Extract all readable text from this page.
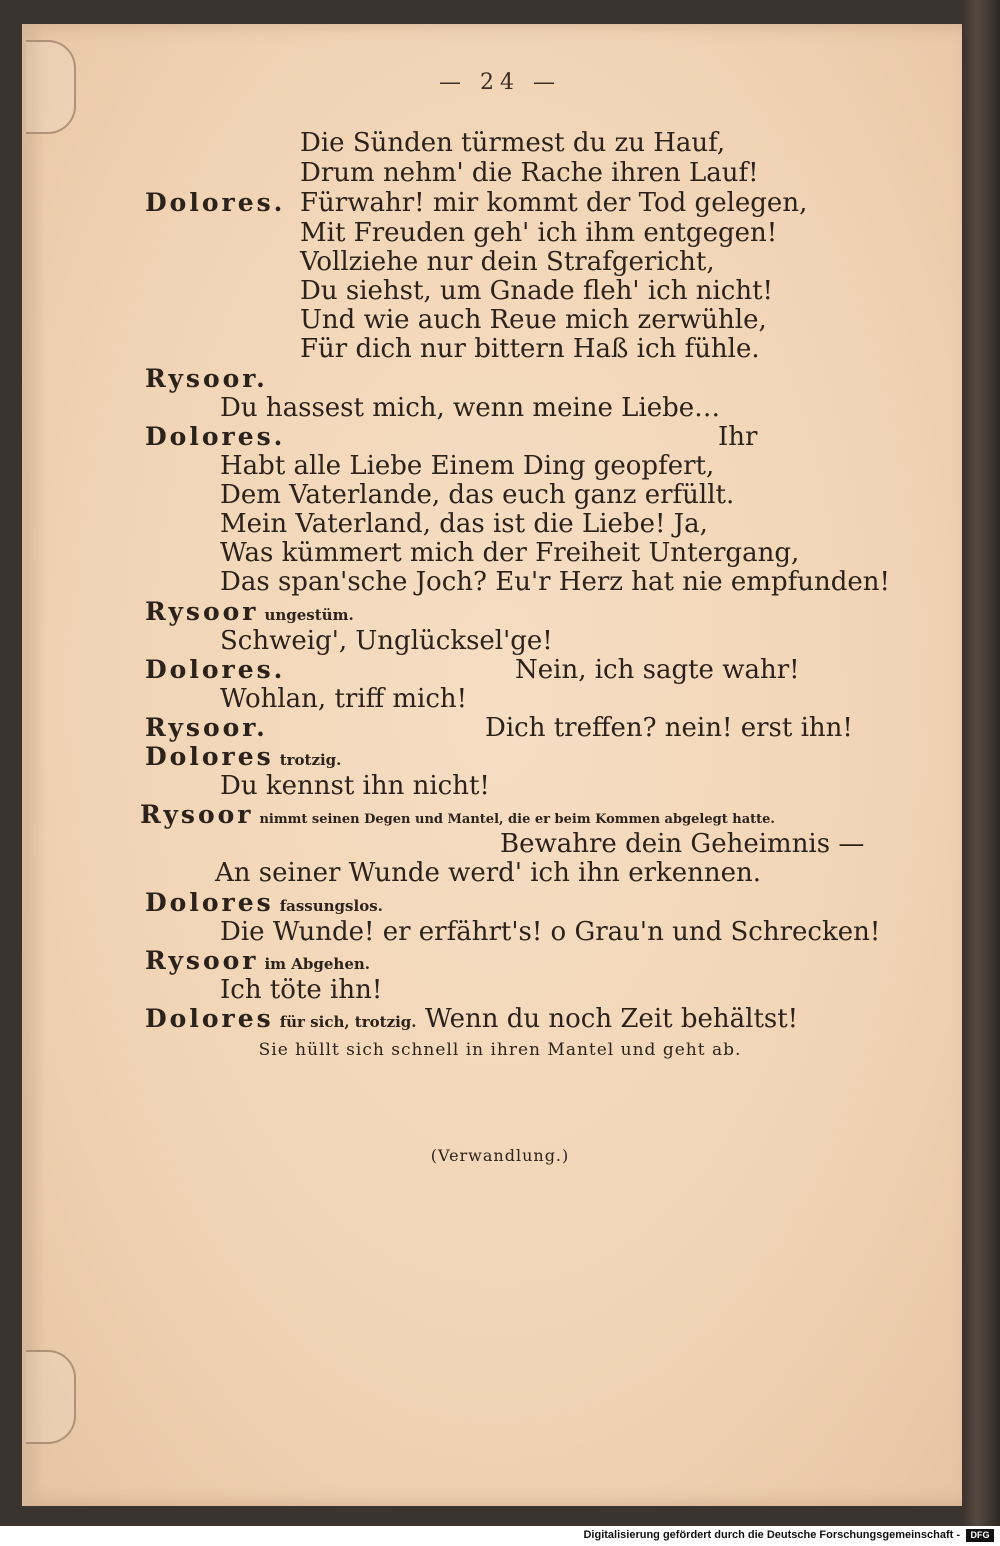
— 24 —
Die Sünden türmest du zu Hauf,
Drum nehm' die Rache ihren Lauf!
Dolores. Fürwahr! mir kommt der Tod gelegen,
Mit Freuden geh' ich ihm entgegen!
Vollziehe nur dein Strafgericht,
Du siehst, um Gnade fleh' ich nicht!
Und wie auch Reue mich zerwühle,
Für dich nur bittern Haß ich fühle.
Rysoor.
Du hassest mich, wenn meine Liebe…
Dolores.	Ihr
Habt alle Liebe Einem Ding geopfert,
Dem Vaterlande, das euch ganz erfüllt.
Mein Vaterland, das ist die Liebe! Ja,
Was kümmert mich der Freiheit Untergang,
Das span'sche Joch? Eu'r Herz hat nie empfunden!
Rysoor ungestüm.
Schweig', Unglücksel'ge!
Dolores.	Nein, ich sagte wahr!
Wohlan, triff mich!
Rysoor.	Dich treffen? nein! erst ihn!
Dolores trotzig.
Du kennst ihn nicht!
Rysoor nimmt seinen Degen und Mantel, die er beim Kommen abgelegt hatte.
Bewahre dein Geheimnis —
An seiner Wunde werd' ich ihn erkennen.
Dolores fassungslos.
Die Wunde! er erfährt's! o Grau'n und Schrecken!
Rysoor im Abgehen.
Ich töte ihn!
Dolores für sich, trotzig. Wenn du noch Zeit behältst!
Sie hüllt sich schnell in ihren Mantel und geht ab.
(Verwandlung.)
Digitalisierung gefördert durch die Deutsche Forschungsgemeinschaft -	DFG
